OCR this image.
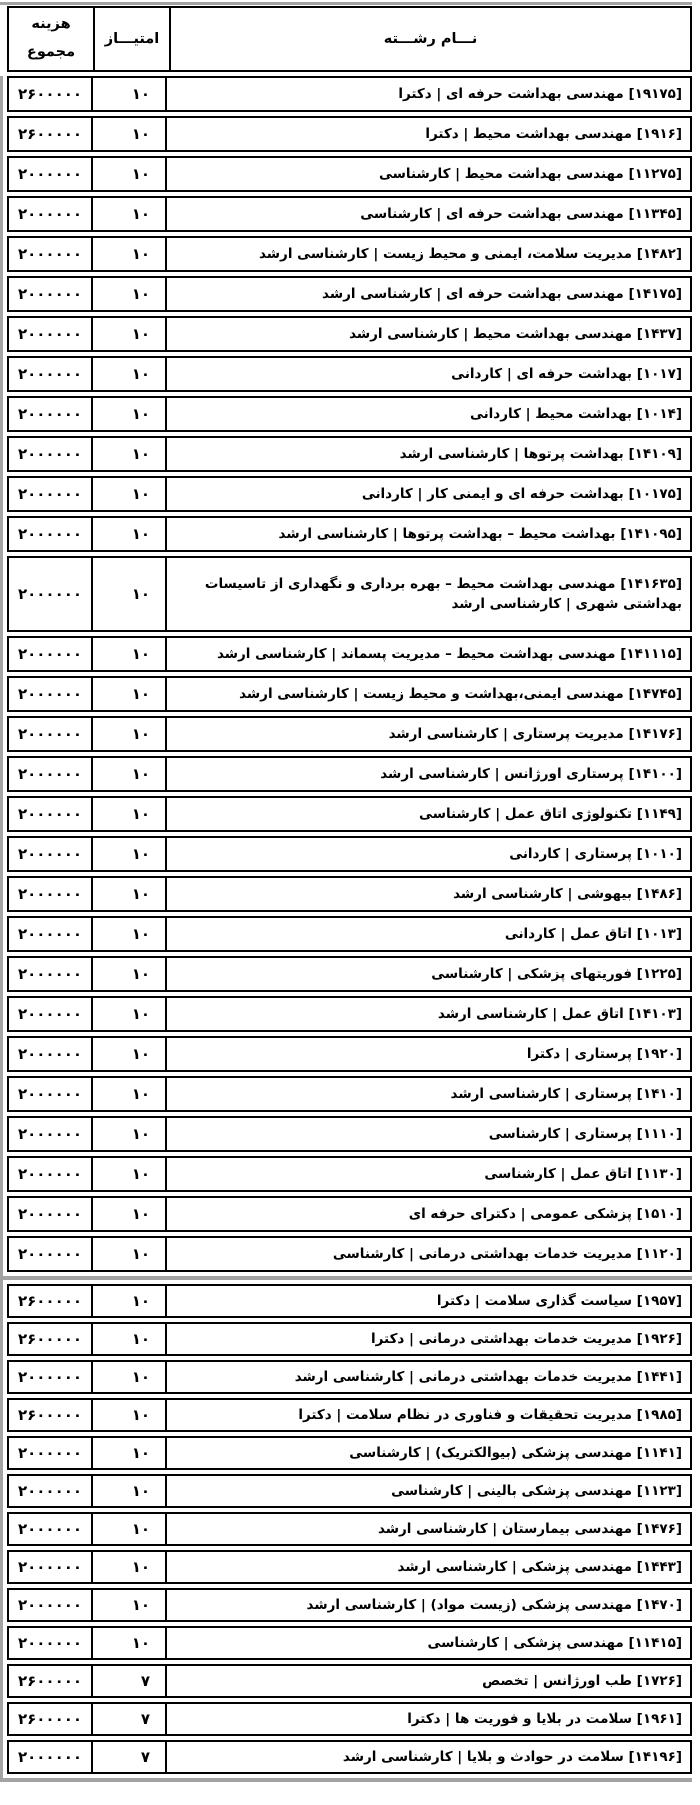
نـــام رشـــته
امتیـــاز
هزینه
مجموع
[۱۹۱۷۵] مهندسی بهداشت حرفه ای | دکترا
۱۰
۲۶۰۰۰۰۰
[۱۹۱۶] مهندسی بهداشت محیط | دکترا
۱۰
۲۶۰۰۰۰۰
[۱۱۲۷۵] مهندسی بهداشت محیط | کارشناسی
۱۰
۲۰۰۰۰۰۰
[۱۱۳۴۵] مهندسی بهداشت حرفه ای | کارشناسی
۱۰
۲۰۰۰۰۰۰
[۱۴۸۲] مدیریت سلامت، ایمنی و محیط زیست | کارشناسی ارشد
۱۰
۲۰۰۰۰۰۰
[۱۴۱۷۵] مهندسی بهداشت حرفه ای | کارشناسی ارشد
۱۰
۲۰۰۰۰۰۰
[۱۴۳۷] مهندسی بهداشت محیط | کارشناسی ارشد
۱۰
۲۰۰۰۰۰۰
[۱۰۱۷] بهداشت حرفه ای | کاردانی
۱۰
۲۰۰۰۰۰۰
[۱۰۱۴] بهداشت محیط | کاردانی
۱۰
۲۰۰۰۰۰۰
[۱۴۱۰۹] بهداشت پرتوها | کارشناسی ارشد
۱۰
۲۰۰۰۰۰۰
[۱۰۱۷۵] بهداشت حرفه ای و ایمنی کار | کاردانی
۱۰
۲۰۰۰۰۰۰
[۱۴۱۰۹۵] بهداشت محیط – بهداشت پرتوها | کارشناسی ارشد
۱۰
۲۰۰۰۰۰۰
[۱۴۱۶۳۵] مهندسی بهداشت محیط – بهره برداری و نگهداری از تاسیسات بهداشتی شهری | کارشناسی ارشد
۱۰
۲۰۰۰۰۰۰
[۱۴۱۱۱۵] مهندسی بهداشت محیط – مدیریت پسماند | کارشناسی ارشد
۱۰
۲۰۰۰۰۰۰
[۱۴۷۴۵] مهندسی ایمنی،بهداشت و محیط زیست | کارشناسی ارشد
۱۰
۲۰۰۰۰۰۰
[۱۴۱۷۶] مدیریت پرستاری | کارشناسی ارشد
۱۰
۲۰۰۰۰۰۰
[۱۴۱۰۰] پرستاری اورژانس | کارشناسی ارشد
۱۰
۲۰۰۰۰۰۰
[۱۱۴۹] تکنولوژی اتاق عمل | کارشناسی
۱۰
۲۰۰۰۰۰۰
[۱۰۱۰] پرستاری | کاردانی
۱۰
۲۰۰۰۰۰۰
[۱۴۸۶] بیهوشی | کارشناسی ارشد
۱۰
۲۰۰۰۰۰۰
[۱۰۱۳] اتاق عمل | کاردانی
۱۰
۲۰۰۰۰۰۰
[۱۲۲۵] فوریتهای پزشکی | کارشناسی
۱۰
۲۰۰۰۰۰۰
[۱۴۱۰۳] اتاق عمل | کارشناسی ارشد
۱۰
۲۰۰۰۰۰۰
[۱۹۲۰] پرستاری | دکترا
۱۰
۲۰۰۰۰۰۰
[۱۴۱۰] پرستاری | کارشناسی ارشد
۱۰
۲۰۰۰۰۰۰
[۱۱۱۰] پرستاری | کارشناسی
۱۰
۲۰۰۰۰۰۰
[۱۱۳۰] اتاق عمل | کارشناسی
۱۰
۲۰۰۰۰۰۰
[۱۵۱۰] پزشکی عمومی | دکترای حرفه ای
۱۰
۲۰۰۰۰۰۰
[۱۱۲۰] مدیریت خدمات بهداشتی درمانی | کارشناسی
۱۰
۲۰۰۰۰۰۰
[۱۹۵۷] سیاست گذاری سلامت | دکترا
۱۰
۲۶۰۰۰۰۰
[۱۹۲۶] مدیریت خدمات بهداشتی درمانی | دکترا
۱۰
۲۶۰۰۰۰۰
[۱۴۴۱] مدیریت خدمات بهداشتی درمانی | کارشناسی ارشد
۱۰
۲۰۰۰۰۰۰
[۱۹۸۵] مدیریت تحقیقات و فناوری در نظام سلامت | دکترا
۱۰
۲۶۰۰۰۰۰
[۱۱۴۱] مهندسی پزشکی (بیوالکتریک) | کارشناسی
۱۰
۲۰۰۰۰۰۰
[۱۱۲۳] مهندسی پزشکی بالینی | کارشناسی
۱۰
۲۰۰۰۰۰۰
[۱۴۷۶] مهندسی بیمارستان | کارشناسی ارشد
۱۰
۲۰۰۰۰۰۰
[۱۴۴۳] مهندسی پزشکی | کارشناسی ارشد
۱۰
۲۰۰۰۰۰۰
[۱۴۷۰] مهندسی پزشکی (زیست مواد) | کارشناسی ارشد
۱۰
۲۰۰۰۰۰۰
[۱۱۴۱۵] مهندسی پزشکی | کارشناسی
۱۰
۲۰۰۰۰۰۰
[۱۷۲۶] طب اورژانس | تخصص
۷
۲۶۰۰۰۰۰
[۱۹۶۱] سلامت در بلایا و فوریت ها | دکترا
۷
۲۶۰۰۰۰۰
[۱۴۱۹۶] سلامت در حوادث و بلایا | کارشناسی ارشد
۷
۲۰۰۰۰۰۰
